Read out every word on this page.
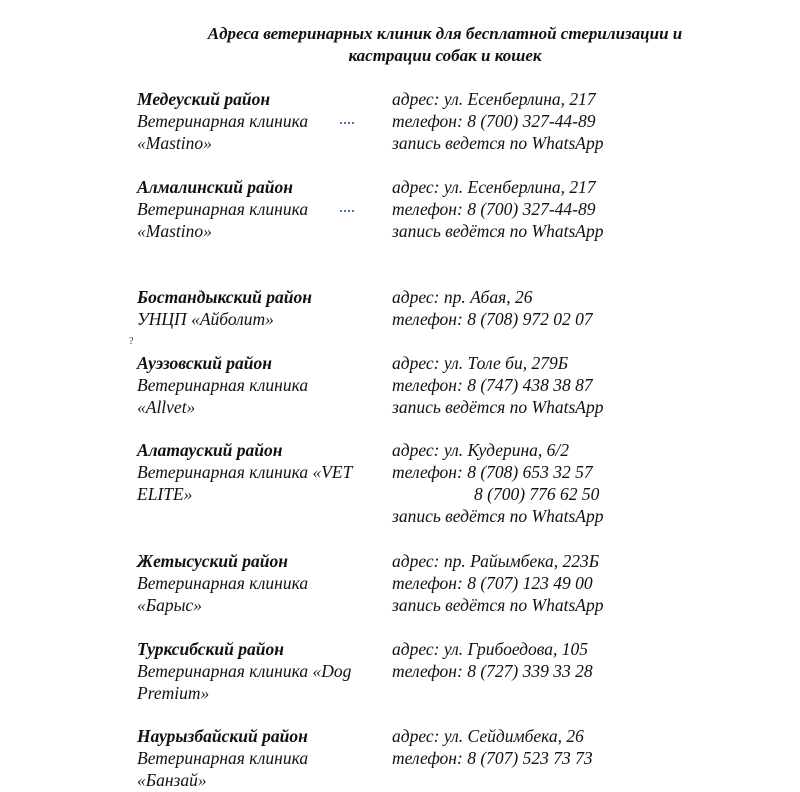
Адреса ветеринарных клиник для бесплатной стерилизации и
кастрации собак и кошек
?
Медеуский район
Ветеринарная клиника
«Mastino»
адрес: ул. Есенберлина, 217
телефон: 8 (700) 327-44-89
запись ведется по WhatsApp
Алмалинский район
Ветеринарная клиника
«Mastino»
адрес: ул. Есенберлина, 217
телефон: 8 (700) 327-44-89
запись ведётся по WhatsApp
Бостандыкский район
УНЦП «Айболит»
адрес: пр. Абая, 26
телефон: 8 (708) 972 02 07
Ауэзовский район
Ветеринарная клиника
«Allvet»
адрес: ул. Толе би, 279Б
телефон: 8 (747) 438 38 87
запись ведётся по WhatsApp
Алатауский район
Ветеринарная клиника «VET
ELITE»
адрес: ул. Кудерина, 6/2
телефон: 8 (708) 653 32 57
8 (700) 776 62 50
запись ведётся по WhatsApp
Жетысуский район
Ветеринарная клиника
«Барыс»
адрес: пр. Райымбека, 223Б
телефон: 8 (707) 123 49 00
запись ведётся по WhatsApp
Турксибский район
Ветеринарная клиника «Dog
Premium»
адрес: ул. Грибоедова, 105
телефон: 8 (727) 339 33 28
Наурызбайский район
Ветеринарная клиника
«Банзай»
адрес: ул. Сейдимбека, 26
телефон: 8 (707) 523 73 73
